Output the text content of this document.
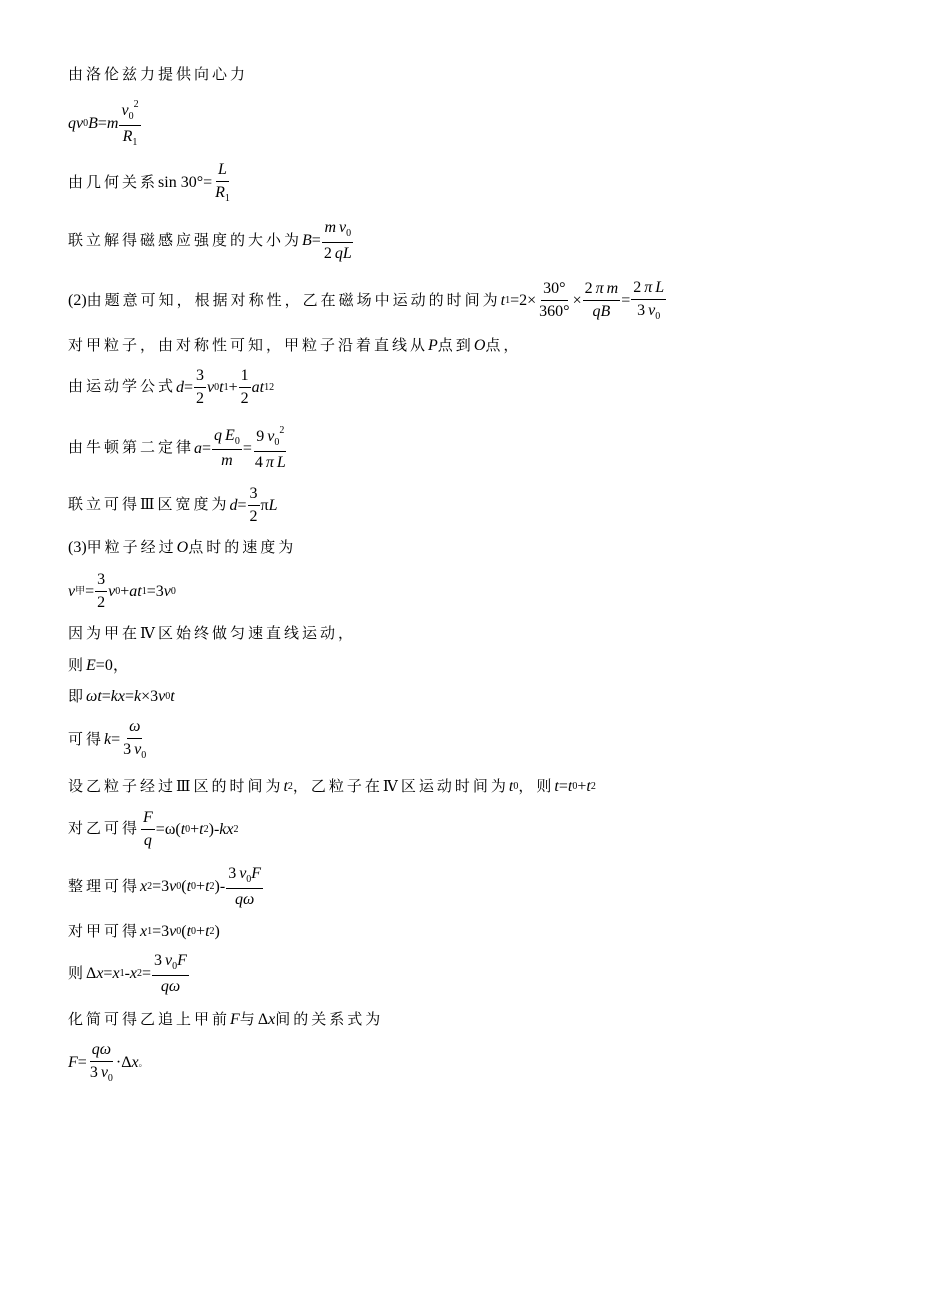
由洛伦兹力提供向心力
q v 0 B = m $\frac{v_0^2}{R_1}$
由几何关系 $\sin 30^\circ= \frac{L}{R_1}$
联立解得磁感应强度的大小为 $B = \frac{m v_0}{2 qL}$
(2) 由题意可知，根据对称性，乙在磁场中运动的时间为 t $1 =2\times \frac{30^\circ}{360^\circ} \times \frac{\text{2 π m}}{qB} = \frac{\text{2 π L}}{3 v_0}$
对甲粒子，由对称性可知，甲粒子沿着直线从 P 点到 O 点，
由运动学公式 $d = \frac{3}{2}$ v 0 t $1 + \frac{1}{2}$ at 1 2
由牛顿第二定律 $a = \frac{q E_0}{m} = \frac{9 v_0^2}{\text{4 π L}}$
联立可得Ⅲ区宽度为 $d = \frac{3}{2}$ π L
(3) 甲粒子经过 O 点时的速度为
v 甲 = $\frac{3}{2}$ v 0 + at 1 =3 v 0
因为甲在Ⅳ区始终做匀速直线运动，
则 E =0，
即 ωt = kx = k ×3 v 0 t
可得 $k = \frac{\omega}{3 v_0}$
设乙粒子经过Ⅲ区的时间为 t 2 ，乙粒子在Ⅳ区运动时间为 t 0 ，则 t = t 0 + t 2
对乙可得 $\frac{F}{q} =\omega$( t 0 + t 2 )- kx 2
整理可得 x 2 =3 v 0 ( t 0 + t 2 )- $\frac{3 v_0F}{q\omega}$
对甲可得 x 1 =3 v 0 ( t 0 + t 2 )
则 Δ x = x 1 - x $2 = \frac{3 v_0F}{q\omega}$
化简可得乙追上甲前 F 与 Δ x 间的关系式为
$F = \frac{q\omega}{3 v_0} \cdot\Delta$ x 。
